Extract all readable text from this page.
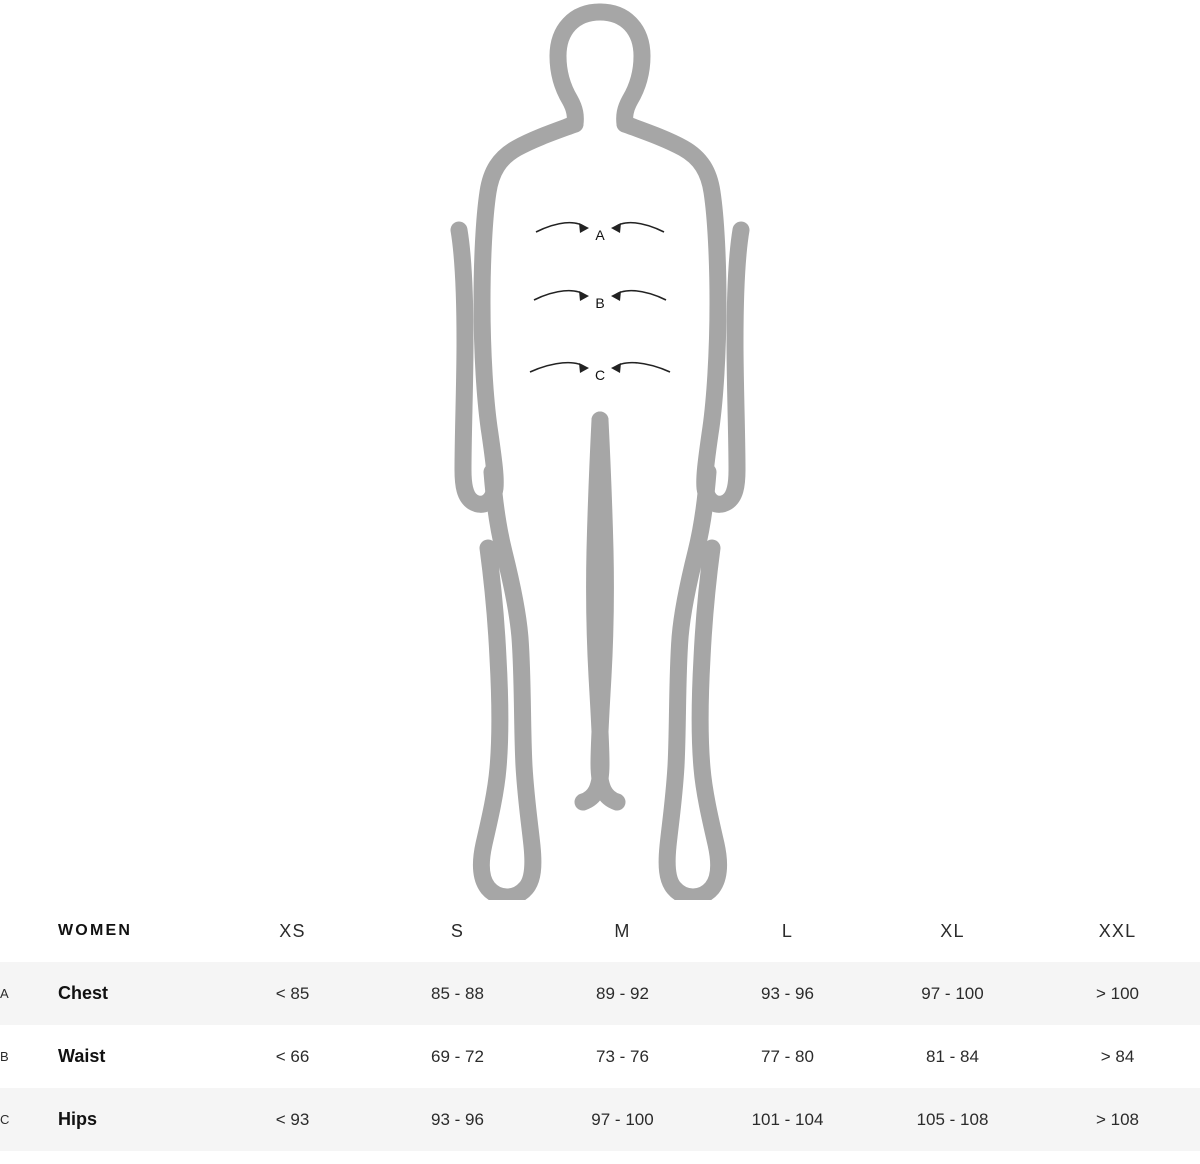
A
B
C
	WOMEN	XS	S	M	L	XL	XXL
A	Chest	< 85	85 - 88	89 - 92	93 - 96	97 - 100	> 100
B	Waist	< 66	69 - 72	73 - 76	77 - 80	81 - 84	> 84
C	Hips	< 93	93 - 96	97 - 100	101 - 104	105 - 108	> 108
